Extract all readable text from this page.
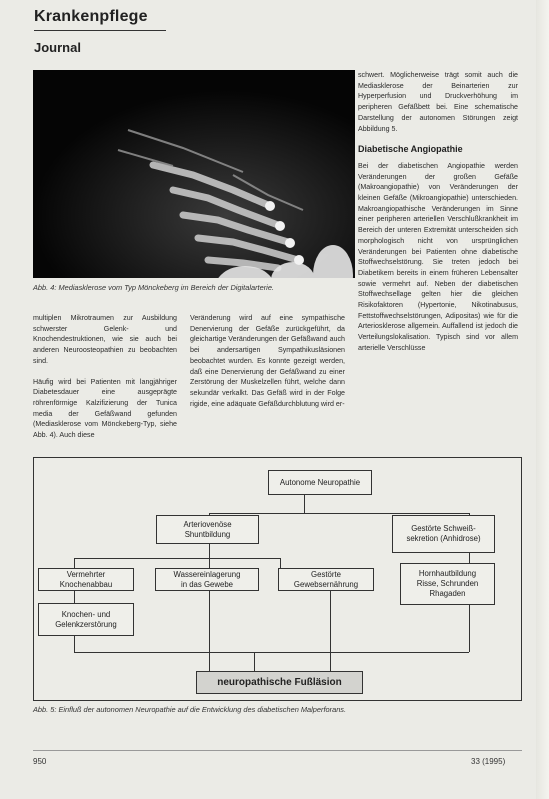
Krankenpflege
Journal
Abb. 4: Mediasklerose vom Typ Mönckeberg im Bereich der Digitalarterie.

schwert. Möglicherweise trägt somit auch die Mediasklerose der Beinarterien zur Hyperperfusion und Druckverhöhung im peripheren Gefäßbett bei. Eine schematische Darstellung der autonomen Störungen zeigt Abbildung 5.

Diabetische Angiopathie

Bei der diabetischen Angiopathie werden Veränderungen der großen Gefäße (Makroangiopathie) von Veränderungen der kleinen Gefäße (Mikroangiopathie) unterschieden. Makroangiopathische Veränderungen im Sinne einer peripheren arteriellen Verschlußkrankheit im Bereich der unteren Extremität unterscheiden sich morphologisch nicht von ursprünglichen Veränderungen bei Patienten ohne diabetische Stoffwechselstörung. Sie treten jedoch bei Diabetikern bereits in einem früheren Lebensalter sowie vermehrt auf. Neben der diabetischen Stoffwechsellage gelten hier die gleichen Risikofaktoren (Hypertonie, Nikotinabusus, Fettstoffwechselstörungen, Adipositas) wie für die Arteriosklerose allgemein. Auffallend ist jedoch die Verteilungslokalisation. Typisch sind vor allem arterielle Verschlüsse

multiplen Mikrotraumen zur Ausbildung schwerster Gelenk- und Knochendestruktionen, wie sie auch bei anderen Neuroosteopathien zu beobachten sind.

Häufig wird bei Patienten mit langjähriger Diabetesdauer eine ausgeprägte röhrenförmige Kalzifizierung der Tunica media der Gefäßwand gefunden (Mediasklerose vom Mönckeberg-Typ, siehe Abb. 4). Auch diese

Veränderung wird auf eine sympathische Denervierung der Gefäße zurückgeführt, da gleichartige Veränderungen der Gefäßwand auch bei andersartigen Sympathikusläsionen beobachtet wurden. Es konnte gezeigt werden, daß eine Denervierung der Gefäßwand zu einer Zerstörung der Muskelzellen führt, welche dann sekundär verkalkt. Das Gefäß wird in der Folge rigide, eine adäquate Gefäßdurchblutung wird er-

Autonome Neuropathie
Arteriovenöse
Shuntbildung
Gestörte Schweiß-
sekretion (Anhidrose)
Vermehrter
Knochenabbau
Wassereinlagerung
in das Gewebe
Gestörte
Gewebsernährung
Hornhautbildung
Risse, Schrunden
Rhagaden
Knochen- und
Gelenkzerstörung
neuropathische Fußläsion
Abb. 5: Einfluß der autonomen Neuropathie auf die Entwicklung des diabetischen Malperforans.
950	33 (1995)
